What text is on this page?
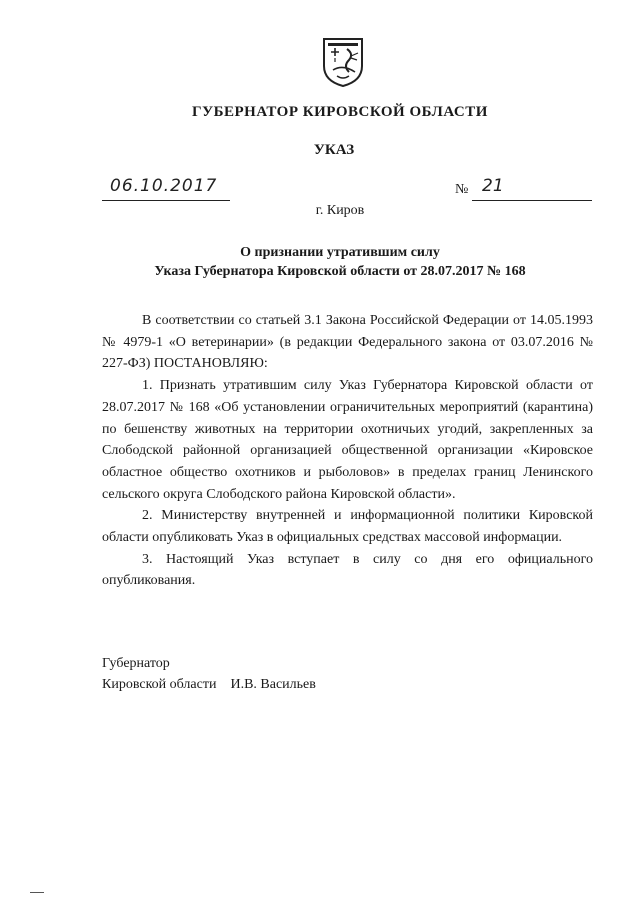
ГУБЕРНАТОР КИРОВСКОЙ ОБЛАСТИ
УКАЗ
06.10.2017	№ 21
г. Киров
О признании утратившим силу
Указа Губернатора Кировской области от 28.07.2017 № 168

В соответствии со статьей 3.1 Закона Российской Федерации от 14.05.1993 № 4979-1 «О ветеринарии» (в редакции Федерального закона от 03.07.2016 № 227-ФЗ) ПОСТАНОВЛЯЮ:

1. Признать утратившим силу Указ Губернатора Кировской области от 28.07.2017 № 168 «Об установлении ограничительных мероприятий (карантина) по бешенству животных на территории охотничьих угодий, закрепленных за Слободской районной организацией общественной организации «Кировское областное общество охотников и рыболовов» в пределах границ Ленинского сельского округа Слободского района Кировской области».

2. Министерству внутренней и информационной политики Кировской области опубликовать Указ в официальных средствах массовой информации.

3. Настоящий Указ вступает в силу со дня его официального опубликования.

Губернатор
Кировской области И.В. Васильев
